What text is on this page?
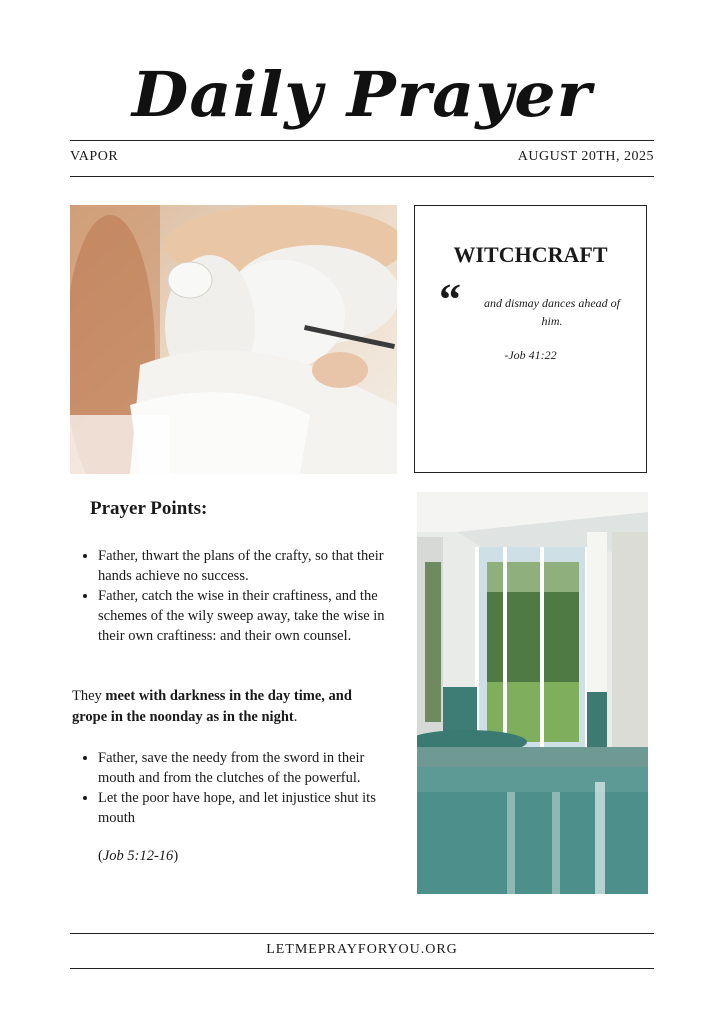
Daily Prayer
VAPOR	AUGUST 20TH, 2025
WITCHCRAFT
“	and dismay dances ahead of him.
-Job 41:22
Prayer Points:
• Father, thwart the plans of the crafty, so that their hands achieve no success.
• Father, catch the wise in their craftiness, and the schemes of the wily sweep away, take the wise in their own craftiness: and their own counsel.
They meet with darkness in the day time, and grope in the noonday as in the night.
• Father, save the needy from the sword in their mouth and from the clutches of the powerful.
• Let the poor have hope, and let injustice shut its mouth
(Job 5:12-16)
LETMEPRAYFORYOU.ORG
